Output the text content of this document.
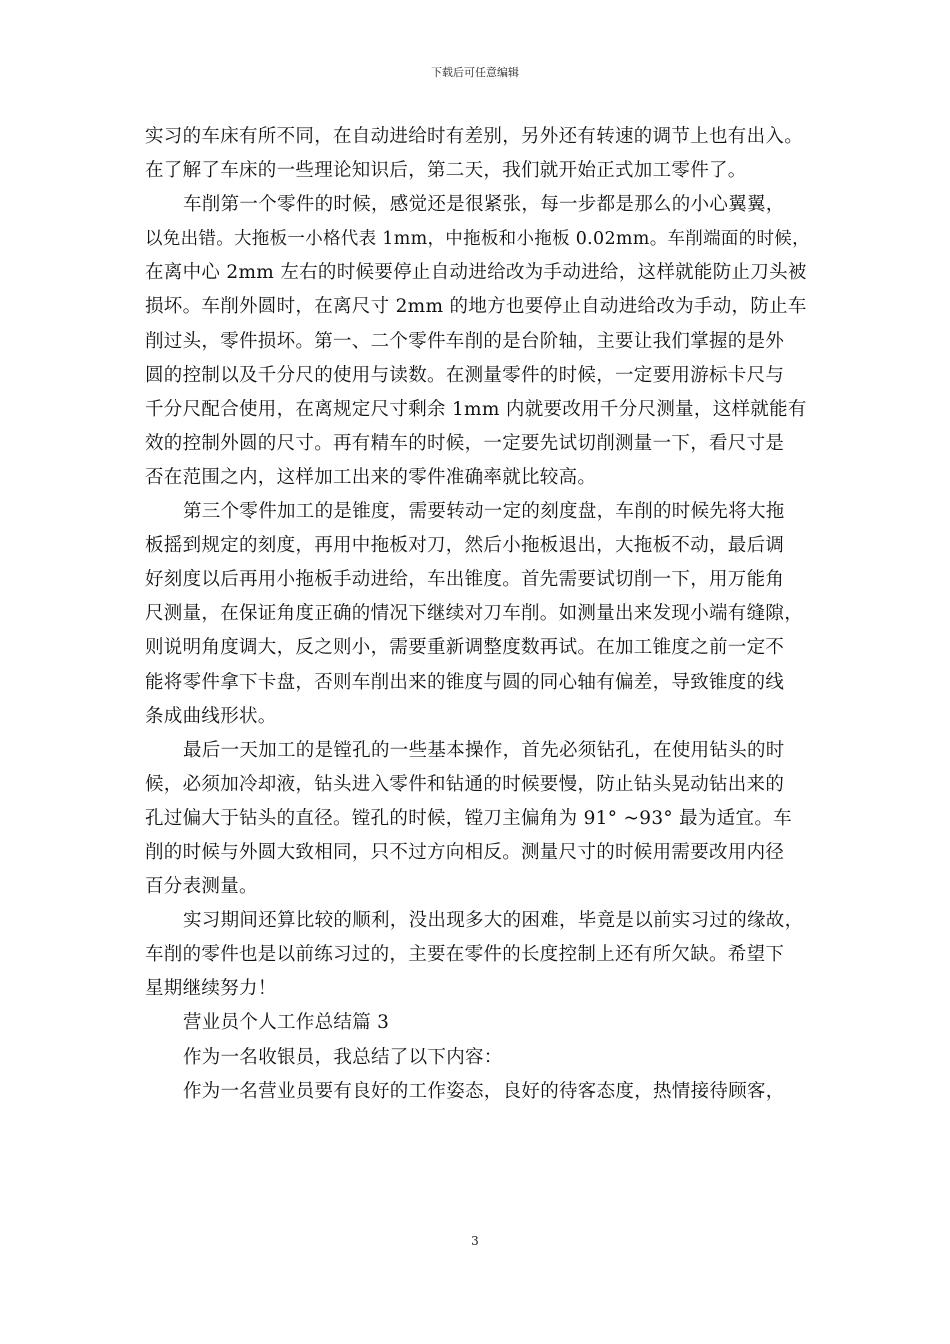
下载后可任意编辑
实习的车床有所不同，在自动进给时有差别，另外还有转速的调节上也有出入。
在了解了车床的一些理论知识后，第二天，我们就开始正式加工零件了。
车削第一个零件的时候，感觉还是很紧张，每一步都是那么的小心翼翼，
以免出错。大拖板一小格代表 1mm，中拖板和小拖板 0.02mm。车削端面的时候，
在离中心 2mm 左右的时候要停止自动进给改为手动进给，这样就能防止刀头被
损坏。车削外圆时，在离尺寸 2mm 的地方也要停止自动进给改为手动，防止车
削过头，零件损坏。第一、二个零件车削的是台阶轴，主要让我们掌握的是外
圆的控制以及千分尺的使用与读数。在测量零件的时候，一定要用游标卡尺与
千分尺配合使用，在离规定尺寸剩余 1mm 内就要改用千分尺测量，这样就能有
效的控制外圆的尺寸。再有精车的时候，一定要先试切削测量一下，看尺寸是
否在范围之内，这样加工出来的零件准确率就比较高。
第三个零件加工的是锥度，需要转动一定的刻度盘，车削的时候先将大拖
板摇到规定的刻度，再用中拖板对刀，然后小拖板退出，大拖板不动，最后调
好刻度以后再用小拖板手动进给，车出锥度。首先需要试切削一下，用万能角
尺测量，在保证角度正确的情况下继续对刀车削。如测量出来发现小端有缝隙，
则说明角度调大，反之则小，需要重新调整度数再试。在加工锥度之前一定不
能将零件拿下卡盘，否则车削出来的锥度与圆的同心轴有偏差，导致锥度的线
条成曲线形状。
最后一天加工的是镗孔的一些基本操作，首先必须钻孔，在使用钻头的时
候，必须加冷却液，钻头进入零件和钻通的时候要慢，防止钻头晃动钻出来的
孔过偏大于钻头的直径。镗孔的时候，镗刀主偏角为 91° ~93° 最为适宜。车
削的时候与外圆大致相同，只不过方向相反。测量尺寸的时候用需要改用内径
百分表测量。
实习期间还算比较的顺利，没出现多大的困难，毕竟是以前实习过的缘故，
车削的零件也是以前练习过的，主要在零件的长度控制上还有所欠缺。希望下
星期继续努力！
营业员个人工作总结篇 3
作为一名收银员，我总结了以下内容：
作为一名营业员要有良好的工作姿态，良好的待客态度，热情接待顾客，
3
